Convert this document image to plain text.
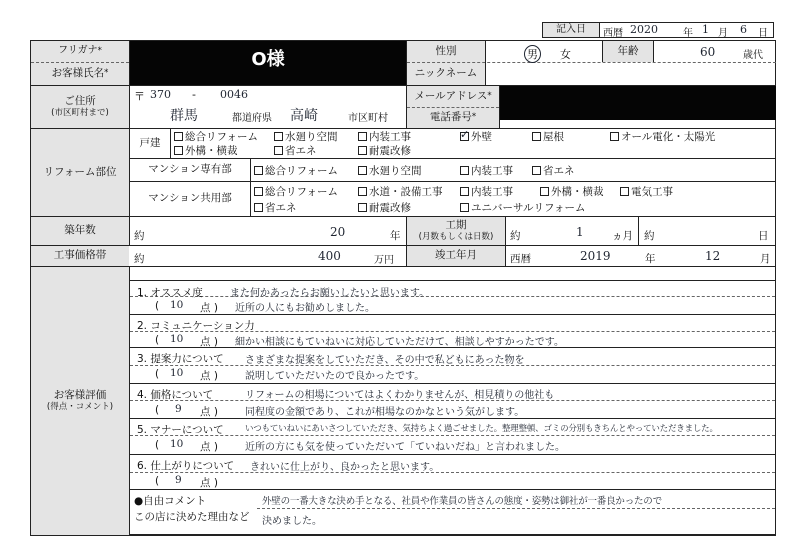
記入日	西暦 2020	年 1 月 6 日
フリガナ *
お客様氏名 *
O様	性別
ニックネーム
男 女	年齢	60	歳代
ご住所
(市区町村まで)
〒 370 - 0046
群馬	都道府県 高崎	市区町村
メールアドレス *
電話番号 *
リフォーム部位
戸建
マンション専有部
マンション共用部
総合リフォーム	水廻り空間	内装工事
✓	外壁	屋根	オール電化・太陽光
外構・横裁	省エネ	耐震改修
総合リフォーム	水廻り空間	内装工事	省エネ
総合リフォーム	水道・設備工事	内装工事	外構・横裁	電気工事
省エネ	耐震改修	ユニバーサルリフォーム
築年数	約	20	年
工期
(月数もしくは日数) 約	1	ヵ月 約	日
工事価格帯	約	400	万円	竣工年月	西暦	2019	年	12	月
お客様評価
(得点・コメント)
1. オススメ度
( 10 点 )
また何かあったらお願いしたいと思います。
近所の人にもお勧めしました。
2. コミュニケーション力
( 10 点 ) 細かい相談にもていねいに対応していただけて、相談しやすかったです。
3. 提案力について
( 10 点 )
さまざまな提案をしていただき、その中で私どもにあった物を
説明していただいたので良かったです。
4. 価格について
( 9 点 )
リフォームの相場についてはよくわかりませんが、相見積りの他社も
同程度の金額であり、これが相場なのかなという気がします。
5. マナーについて
( 10 点 )
いつもていねいにあいさつしていただき、気持ちよく過ごせました。整理整頓、ゴミの分別もきちんとやっていただきました。
近所の方にも気を使っていただいて「ていねいだね」と言われました。
6. 仕上がりについて
( 9 点 )
きれいに仕上がり、良かったと思います。
●自由コメント
この店に決めた理由など
外壁の一番大きな決め手となる、社員や作業員の皆さんの態度・姿勢は御社が一番良かったので
決めました。
